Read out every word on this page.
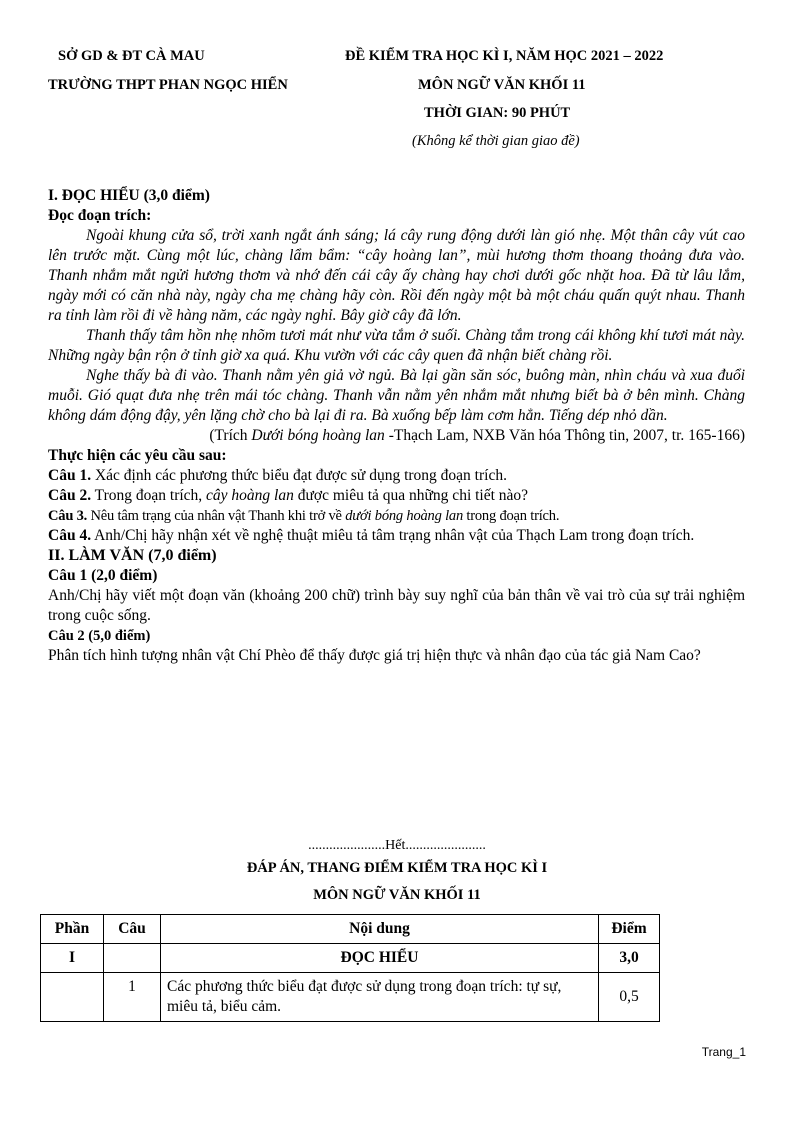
SỞ GD & ĐT CÀ MAU
TRƯỜNG THPT PHAN NGỌC HIỂN
ĐỀ KIỂM TRA HỌC KÌ I, NĂM HỌC 2021 – 2022
MÔN NGỮ VĂN KHỐI 11
THỜI GIAN: 90 PHÚT
(Không kể thời gian giao đề)

I. ĐỌC HIỂU (3,0 điểm)

Đọc đoạn trích:

Ngoài khung cửa sổ, trời xanh ngắt ánh sáng; lá cây rung động dưới làn gió nhẹ. Một thân cây vút cao lên trước mặt. Cùng một lúc, chàng lẩm bẩm: “cây hoàng lan”, mùi hương thơm thoang thoảng đưa vào. Thanh nhắm mắt ngửi hương thơm và nhớ đến cái cây ấy chàng hay chơi dưới gốc nhặt hoa. Đã từ lâu lắm, ngày mới có căn nhà này, ngày cha mẹ chàng hãy còn. Rồi đến ngày một bà một cháu quấn quýt nhau. Thanh ra tỉnh làm rồi đi về hàng năm, các ngày nghỉ. Bây giờ cây đã lớn.

Thanh thấy tâm hồn nhẹ nhõm tươi mát như vừa tắm ở suối. Chàng tắm trong cái không khí tươi mát này. Những ngày bận rộn ở tỉnh giờ xa quá. Khu vườn với các cây quen đã nhận biết chàng rồi.

Nghe thấy bà đi vào. Thanh nằm yên giả vờ ngủ. Bà lại gần săn sóc, buông màn, nhìn cháu và xua đuổi muỗi. Gió quạt đưa nhẹ trên mái tóc chàng. Thanh vẫn nằm yên nhắm mắt nhưng biết bà ở bên mình. Chàng không dám động đậy, yên lặng chờ cho bà lại đi ra. Bà xuống bếp làm cơm hẳn. Tiếng dép nhỏ dần.

(Trích Dưới bóng hoàng lan -Thạch Lam, NXB Văn hóa Thông tin, 2007, tr. 165-166)

Thực hiện các yêu cầu sau:

Câu 1. Xác định các phương thức biểu đạt được sử dụng trong đoạn trích.

Câu 2. Trong đoạn trích, cây hoàng lan được miêu tả qua những chi tiết nào?

Câu 3. Nêu tâm trạng của nhân vật Thanh khi trở về dưới bóng hoàng lan trong đoạn trích.

Câu 4. Anh/Chị hãy nhận xét về nghệ thuật miêu tả tâm trạng nhân vật của Thạch Lam trong đoạn trích.

II. LÀM VĂN (7,0 điểm)

Câu 1 (2,0 điểm)

Anh/Chị hãy viết một đoạn văn (khoảng 200 chữ) trình bày suy nghĩ của bản thân về vai trò của sự trải nghiệm trong cuộc sống.

Câu 2 (5,0 điểm)

Phân tích hình tượng nhân vật Chí Phèo để thấy được giá trị hiện thực và nhân đạo của tác giả Nam Cao?

......................Hết.......................
ĐÁP ÁN, THANG ĐIỂM KIỂM TRA HỌC KÌ I
MÔN NGỮ VĂN KHỐI 11
Phần	Câu	Nội dung	Điểm
I		ĐỌC HIỂU	3,0
	1	Các phương thức biểu đạt được sử dụng trong đoạn trích: tự sự, miêu tả, biểu cảm.	0,5
Trang_1
